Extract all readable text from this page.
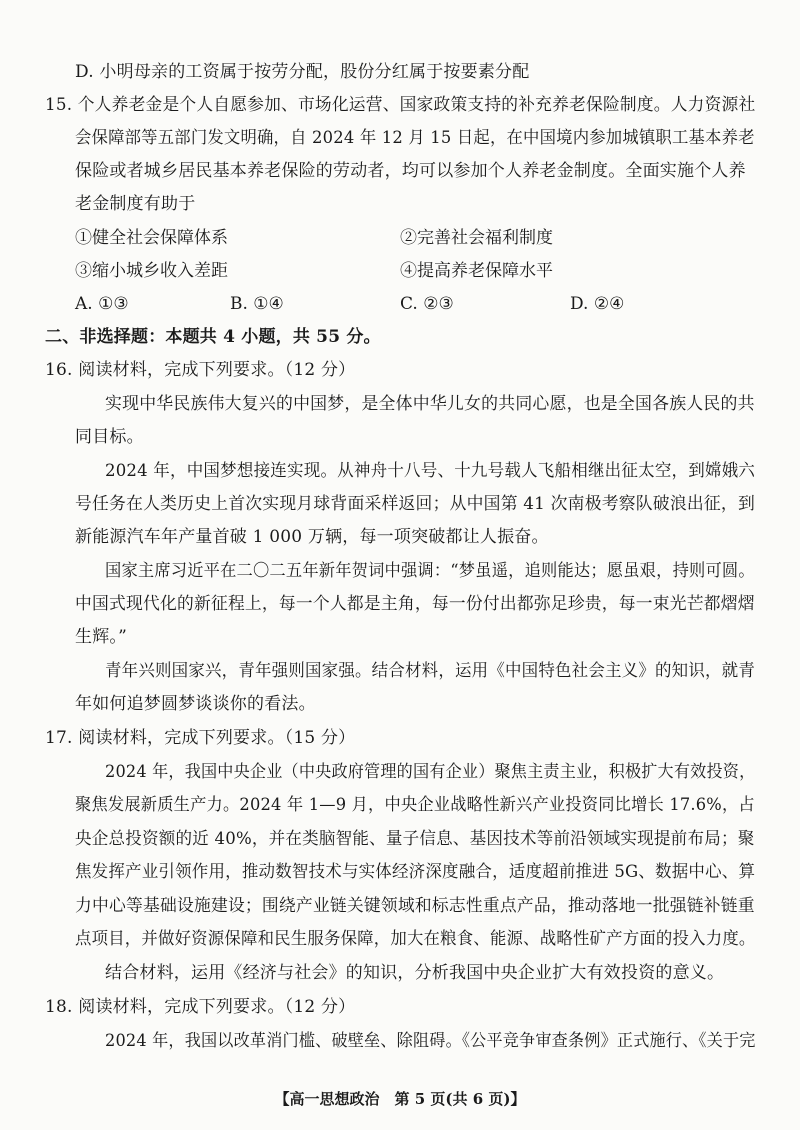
D. 小明母亲的工资属于按劳分配，股份分红属于按要素分配
15. 个人养老金是个人自愿参加、市场化运营、国家政策支持的补充养老保险制度。人力资源社
会保障部等五部门发文明确，自 2024 年 12 月 15 日起，在中国境内参加城镇职工基本养老
保险或者城乡居民基本养老保险的劳动者，均可以参加个人养老金制度。全面实施个人养
老金制度有助于
①健全社会保障体系	②完善社会福利制度
③缩小城乡收入差距	④提高养老保障水平
A. ①③	B. ①④	C. ②③	D. ②④
二、非选择题：本题共 4 小题，共 55 分。
16. 阅读材料，完成下列要求。（12 分）
实现中华民族伟大复兴的中国梦，是全体中华儿女的共同心愿，也是全国各族人民的共
同目标。
2024 年，中国梦想接连实现。从神舟十八号、十九号载人飞船相继出征太空，到嫦娥六
号任务在人类历史上首次实现月球背面采样返回；从中国第 41 次南极考察队破浪出征，到
新能源汽车年产量首破 1 000 万辆，每一项突破都让人振奋。
国家主席习近平在二〇二五年新年贺词中强调：“梦虽遥，追则能达；愿虽艰，持则可圆。
中国式现代化的新征程上，每一个人都是主角，每一份付出都弥足珍贵，每一束光芒都熠熠
生辉。”
青年兴则国家兴，青年强则国家强。结合材料，运用《中国特色社会主义》的知识，就青
年如何追梦圆梦谈谈你的看法。
17. 阅读材料，完成下列要求。（15 分）
2024 年，我国中央企业（中央政府管理的国有企业）聚焦主责主业，积极扩大有效投资，
聚焦发展新质生产力。2024 年 1—9 月，中央企业战略性新兴产业投资同比增长 17.6%，占
央企总投资额的近 40%，并在类脑智能、量子信息、基因技术等前沿领域实现提前布局；聚
焦发挥产业引领作用，推动数智技术与实体经济深度融合，适度超前推进 5G、数据中心、算
力中心等基础设施建设；围绕产业链关键领域和标志性重点产品，推动落地一批强链补链重
点项目，并做好资源保障和民生服务保障，加大在粮食、能源、战略性矿产方面的投入力度。
结合材料，运用《经济与社会》的知识，分析我国中央企业扩大有效投资的意义。
18. 阅读材料，完成下列要求。（12 分）
2024 年，我国以改革消门槛、破壁垒、除阻碍。《公平竞争审查条例》正式施行、《关于完
【高一思想政治　第 5 页(共 6 页)】
